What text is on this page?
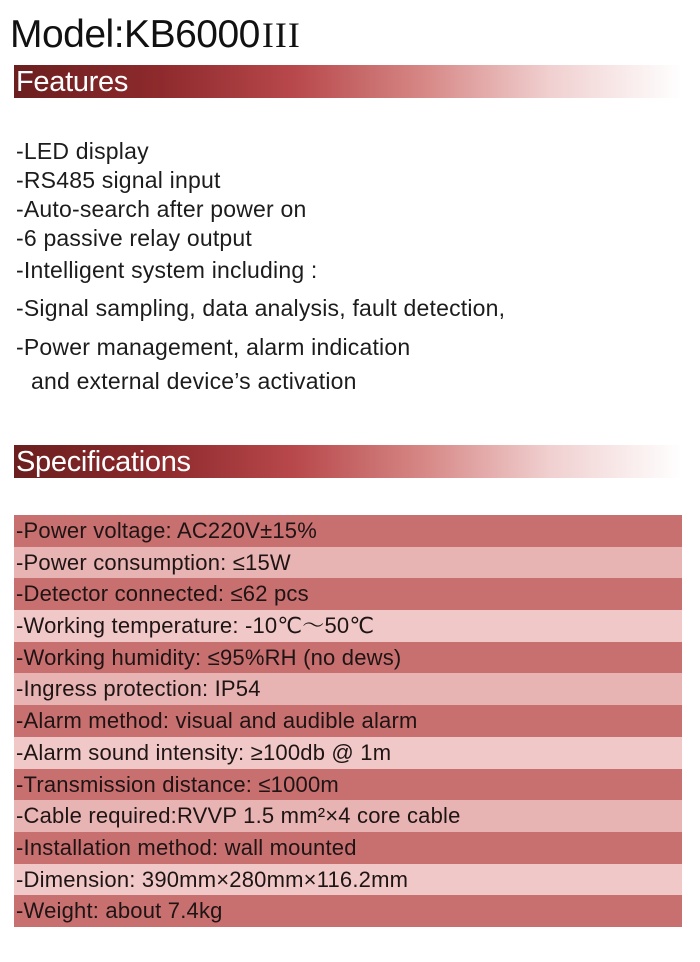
Model:KB6000III
Features
-LED display
-RS485 signal input
-Auto-search after power on
-6 passive relay output
-Intelligent system including :
-Signal sampling, data analysis, fault detection,
-Power management, alarm indication
and external device’s activation
Specifications
-Power voltage: AC220V±15%
-Power consumption: ≤15W
-Detector connected: ≤62 pcs
-Working temperature: -10℃～50℃
-Working humidity: ≤95%RH (no dews)
-Ingress protection: IP54
-Alarm method: visual and audible alarm
-Alarm sound intensity: ≥100db @ 1m
-Transmission distance: ≤1000m
-Cable required:RVVP 1.5 mm²×4 core cable
-Installation method: wall mounted
-Dimension: 390mm×280mm×116.2mm
-Weight: about 7.4kg
